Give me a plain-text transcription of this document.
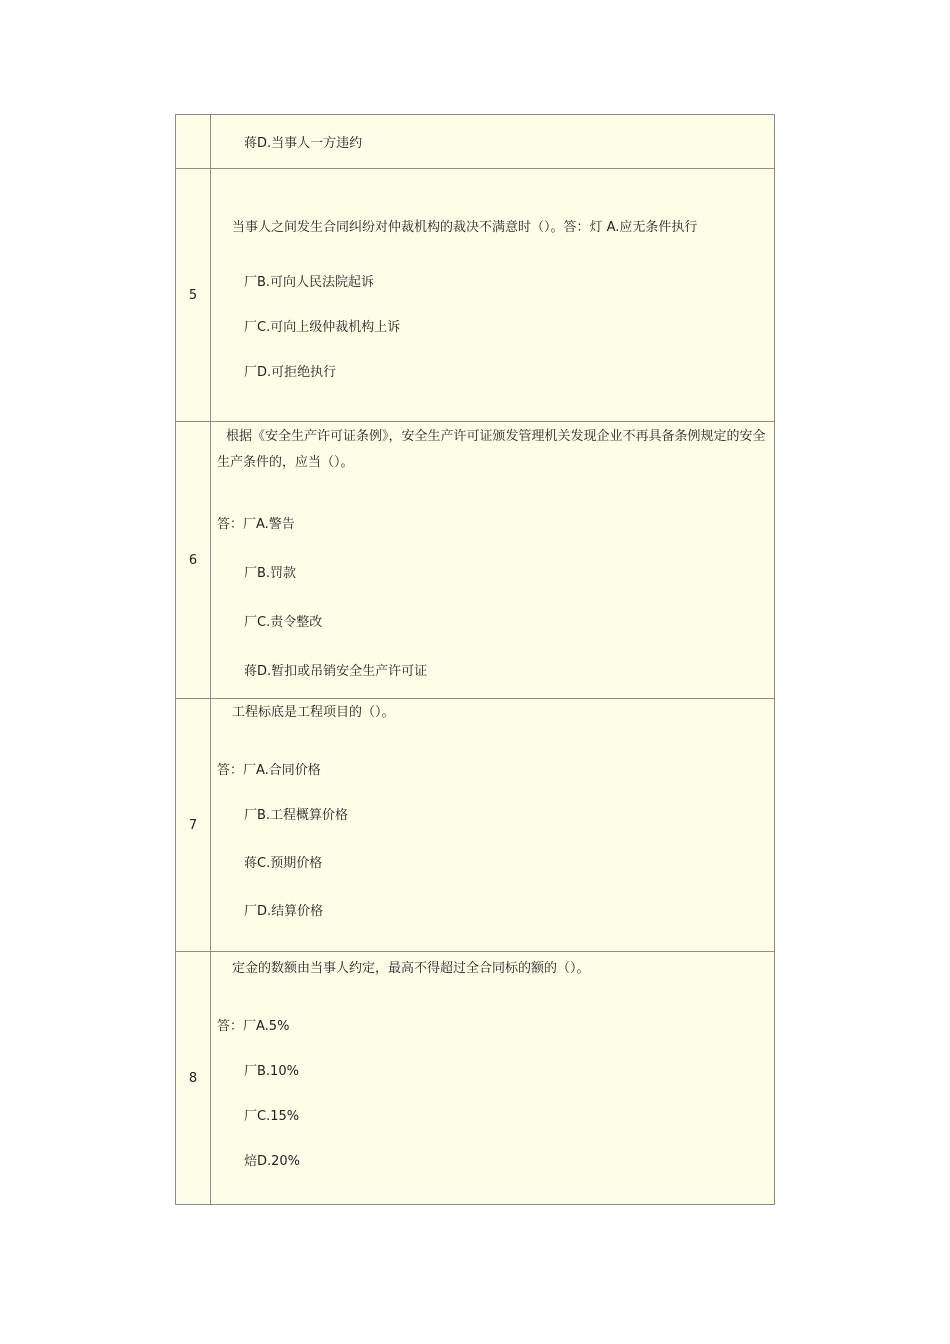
	蒋D.当事人一方违约

5	当事人之间发生合同纠纷对仲裁机构的裁决不满意时（）。答：灯 A.应无条件执行
厂B.可向人民法院起诉
厂C.可向上级仲裁机构上诉
厂D.可拒绝执行

6	根据《安全生产许可证条例》，安全生产许可证颁发管理机关发现企业不再具备条例规定的安全生产条件的，应当（）。
答：厂A.警告
厂B.罚款
厂C.责令整改
蒋D.暂扣或吊销安全生产许可证

7	工程标底是工程项目的（）。
答：厂A.合同价格
厂B.工程概算价格
蒋C.预期价格
厂D.结算价格

8	定金的数额由当事人约定，最高不得超过全合同标的额的（）。
答：厂A.5%
厂B.10%
厂C.15%
焙D.20%
